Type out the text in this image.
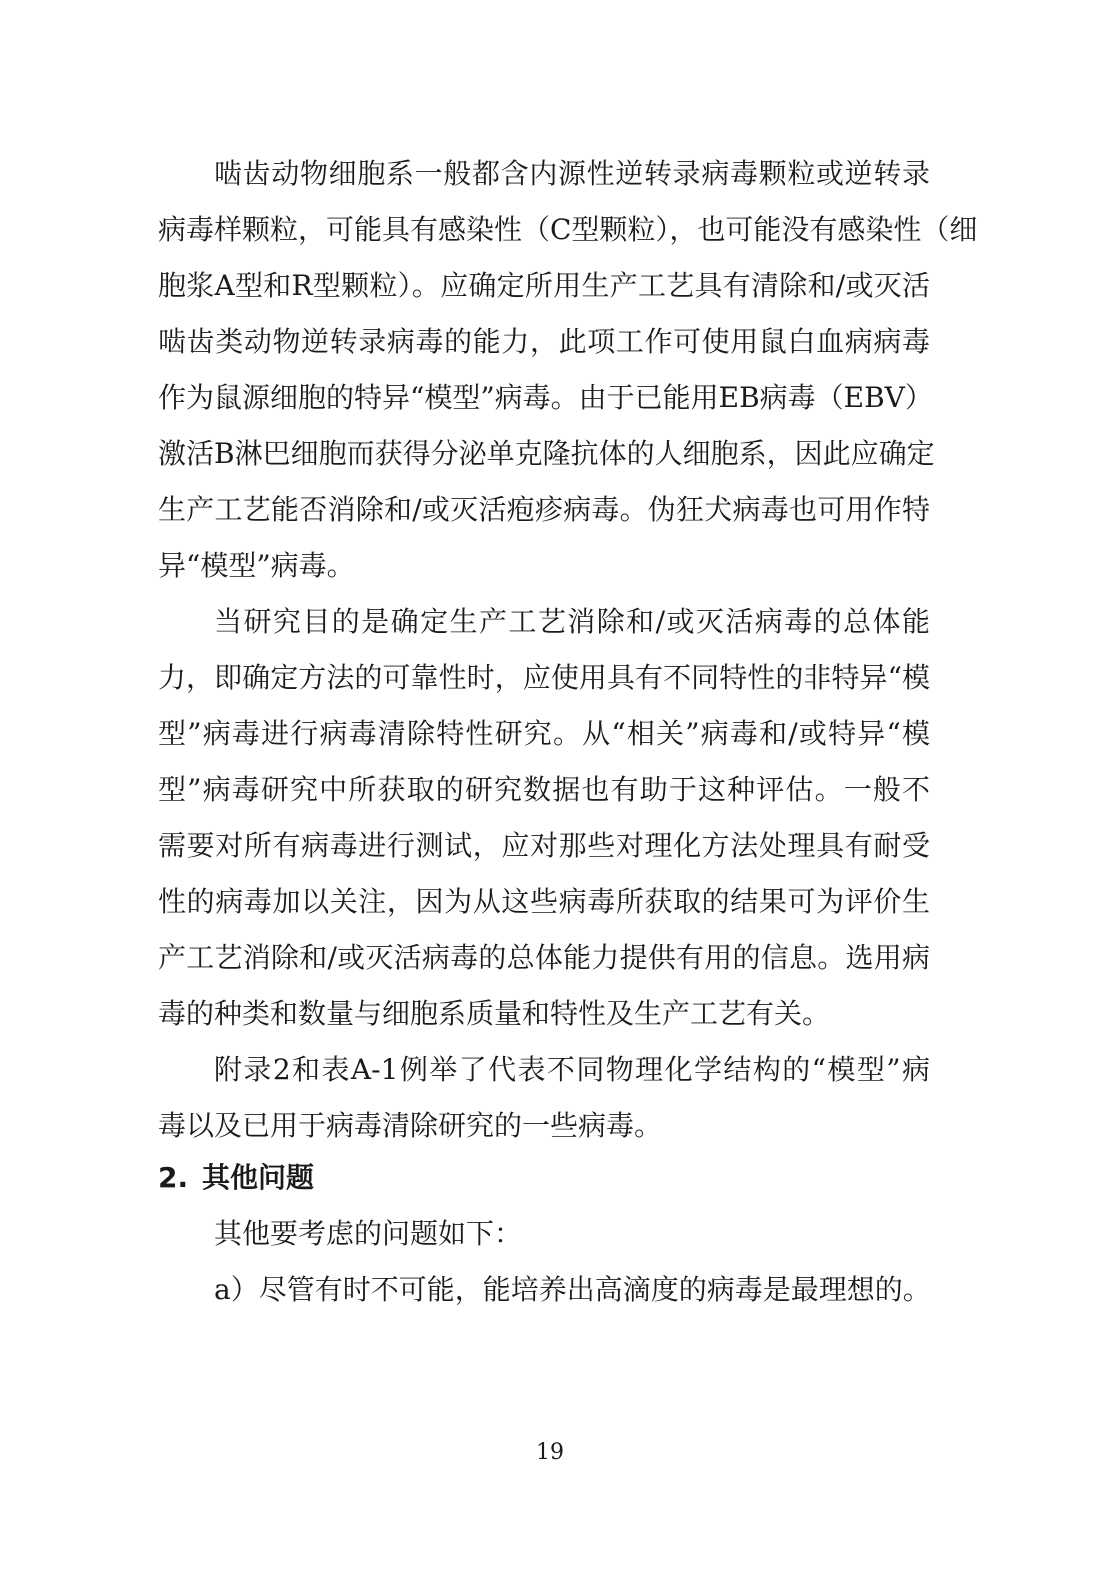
啮齿动物细胞系一般都含内源性逆转录病毒颗粒或逆转录
病毒样颗粒，可能具有感染性（C型颗粒），也可能没有感染性（细
胞浆A型和R型颗粒）。应确定所用生产工艺具有清除和/或灭活
啮齿类动物逆转录病毒的能力，此项工作可使用鼠白血病病毒
作为鼠源细胞的特异“模型”病毒。由于已能用EB病毒（EBV）
激活B淋巴细胞而获得分泌单克隆抗体的人细胞系，因此应确定
生产工艺能否消除和/或灭活疱疹病毒。伪狂犬病毒也可用作特
异“模型”病毒。
当研究目的是确定生产工艺消除和/或灭活病毒的总体能
力，即确定方法的可靠性时，应使用具有不同特性的非特异“模
型”病毒进行病毒清除特性研究。从“相关”病毒和/或特异“模
型”病毒研究中所获取的研究数据也有助于这种评估。一般不
需要对所有病毒进行测试，应对那些对理化方法处理具有耐受
性的病毒加以关注，因为从这些病毒所获取的结果可为评价生
产工艺消除和/或灭活病毒的总体能力提供有用的信息。选用病
毒的种类和数量与细胞系质量和特性及生产工艺有关。
附录2和表A-1例举了代表不同物理化学结构的“模型”病
毒以及已用于病毒清除研究的一些病毒。
2. 其他问题
其他要考虑的问题如下：
a）尽管有时不可能，能培养出高滴度的病毒是最理想的。
19
